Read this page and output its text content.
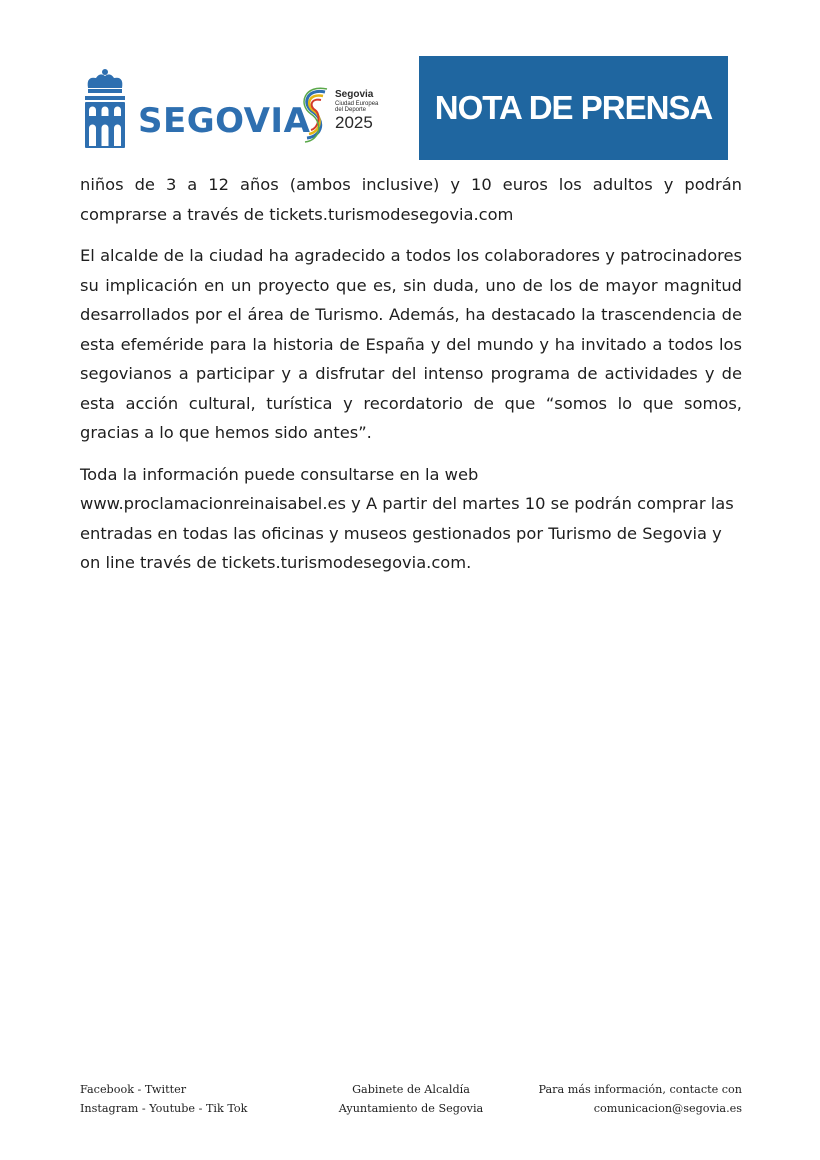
SEGOVIA
Segovia
Ciudad Europea
del Deporte
2025 NOTA DE PRENSA

niños de 3 a 12 años (ambos inclusive) y 10 euros los adultos y podrán comprarse a través de tickets.turismodesegovia.com

El alcalde de la ciudad ha agradecido a todos los colaboradores y patrocinadores su implicación en un proyecto que es, sin duda, uno de los de mayor magnitud desarrollados por el área de Turismo. Además, ha destacado la trascendencia de esta efeméride para la historia de España y del mundo y ha invitado a todos los segovianos a participar y a disfrutar del intenso programa de actividades y de esta acción cultural, turística y recordatorio de que “somos lo que somos, gracias a lo que hemos sido antes”.

Toda la información puede consultarse en la web www.proclamacionreinaisabel.es y A partir del martes 10 se podrán comprar las entradas en todas las oficinas y museos gestionados por Turismo de Segovia y on line través de tickets.turismodesegovia.com.

Gabinete de Alcaldía
Ayuntamiento de Segovia
Facebook - Twitter
Instagram - Youtube - Tik Tok
Para más información, contacte con
comunicacion@segovia.es
